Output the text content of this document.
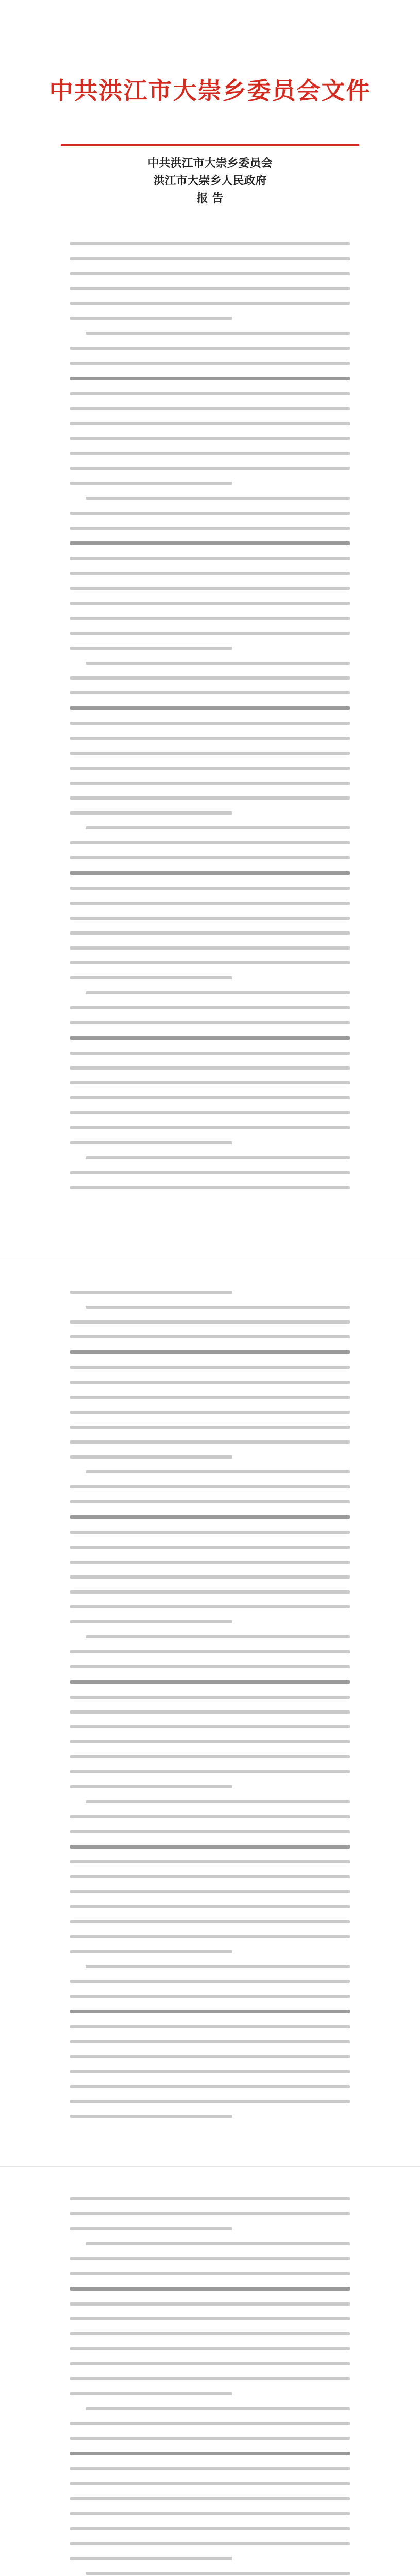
中共洪江市大崇乡委员会文件
中共洪江市大崇乡委员会
洪江市大崇乡人民政府
报 告
